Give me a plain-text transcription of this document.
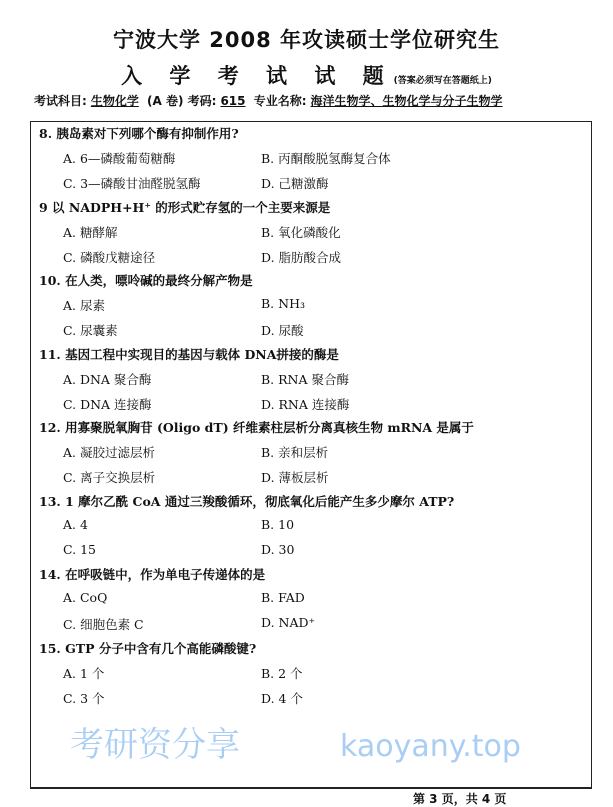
宁波大学 2008 年攻读硕士学位研究生
入 学 考 试 试 题(答案必须写在答题纸上)
考试科目: 生物化学 (A 卷) 考码: 615 专业名称: 海洋生物学、生物化学与分子生物学
8. 胰岛素对下列哪个酶有抑制作用?
A. 6—磷酸葡萄糖酶	B. 丙酮酸脱氢酶复合体
C. 3—磷酸甘油醛脱氢酶	D. 己糖激酶
9 以 NADPH+H⁺ 的形式贮存氢的一个主要来源是
A. 糖酵解	B. 氧化磷酸化
C. 磷酸戊糖途径	D. 脂肪酸合成
10. 在人类，嘌呤碱的最终分解产物是
A. 尿素	B. NH₃
C. 尿囊素	D. 尿酸
11. 基因工程中实现目的基因与载体 DNA拼接的酶是
A. DNA 聚合酶	B. RNA 聚合酶
C. DNA 连接酶	D. RNA 连接酶
12. 用寡聚脱氧胸苷 (Oligo dT) 纤维素柱层析分离真核生物 mRNA 是属于
A. 凝胶过滤层析	B. 亲和层析
C. 离子交换层析	D. 薄板层析
13. 1 摩尔乙酰 CoA 通过三羧酸循环，彻底氧化后能产生多少摩尔 ATP?
A. 4	B. 10
C. 15	D. 30
14. 在呼吸链中，作为单电子传递体的是
A. CoQ	B. FAD
C. 细胞色素 C	D. NAD⁺
15. GTP 分子中含有几个高能磷酸键?
A. 1 个	B. 2 个
C. 3 个	D. 4 个
第 3 页，共 4 页
考研资分享	kaoyany.top
